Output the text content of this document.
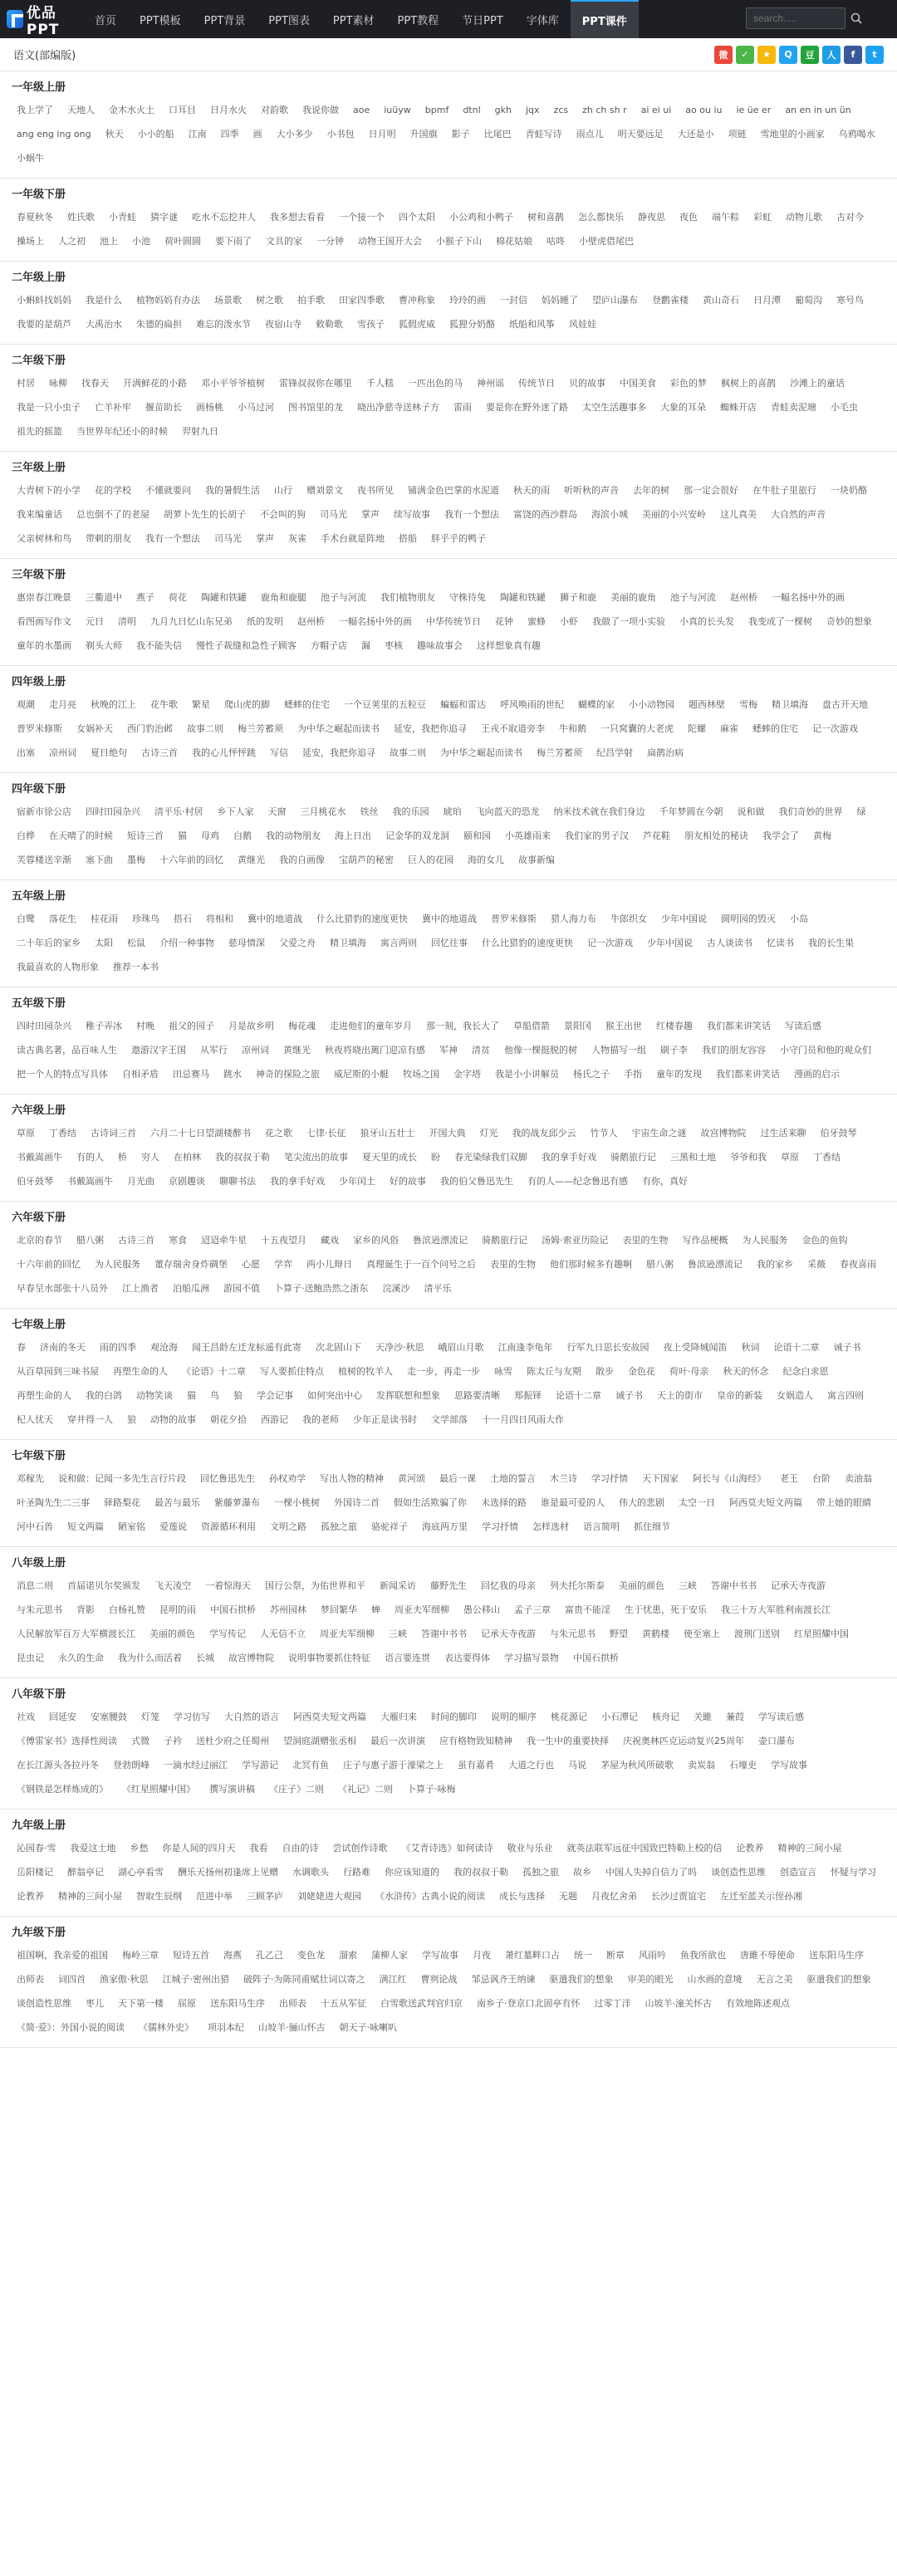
优品PPT
首页	PPT模板	PPT背景	PPT图表	PPT素材	PPT教程	节日PPT	字体库	PPT课件
search.....
语文(部编版)	微	✓	★	Q	豆	人	f	t
一年级上册
我上学了	天地人	金木水火土	口耳目	日月水火	对韵歌	我说你做	aoe	iuüyw	bpmf	dtnl	gkh	jqx	zcs	zh ch sh r	ai ei ui	ao ou iu	ie üe er	an en in un ün
ang eng ing ong	秋天	小小的船	江南	四季	画	大小多少	小书包	日月明	升国旗	影子	比尾巴	青蛙写诗	雨点儿	明天要远足	大还是小	项链	雪地里的小画家	乌鸦喝水
小蜗牛
一年级下册
春夏秋冬	姓氏歌	小青蛙	猜字谜	吃水不忘挖井人	我多想去看看	一个接一个	四个太阳	小公鸡和小鸭子	树和喜鹊	怎么都快乐	静夜思	夜色	端午粽	彩虹	动物儿歌	古对今
操场上	人之初	池上	小池	荷叶圆圆	要下雨了	文具的家	一分钟	动物王国开大会	小猴子下山	棉花姑娘	咕咚	小壁虎借尾巴
二年级上册
小蝌蚪找妈妈	我是什么	植物妈妈有办法	场景歌	树之歌	拍手歌	田家四季歌	曹冲称象	玲玲的画	一封信	妈妈睡了	望庐山瀑布	登鹳雀楼	黄山奇石	日月潭	葡萄沟	寒号鸟
我要的是葫芦	大禹治水	朱德的扁担	难忘的泼水节	夜宿山寺	敕勒歌	雪孩子	狐假虎威	狐狸分奶酪	纸船和风筝	风娃娃
二年级下册
村居	咏柳	找春天	开满鲜花的小路	邓小平爷爷植树	雷锋叔叔你在哪里	千人糕	一匹出色的马	神州谣	传统节日	贝的故事	中国美食	彩色的梦	枫树上的喜鹊	沙滩上的童话
我是一只小虫子	亡羊补牢	揠苗助长	画杨桃	小马过河	图书馆里的龙	晓出净慈寺送林子方	雷雨	要是你在野外迷了路	太空生活趣事多	大象的耳朵	蜘蛛开店	青蛙卖泥塘	小毛虫
祖先的摇篮	当世界年纪还小的时候	羿射九日
三年级上册
大青树下的小学	花的学校	不懂就要问	我的暑假生活	山行	赠刘景文	夜书所见	铺满金色巴掌的水泥道	秋天的雨	听听秋的声音	去年的树	那一定会很好	在牛肚子里旅行	一块奶酪
我来编童话	总也倒不了的老屋	胡萝卜先生的长胡子	不会叫的狗	司马光	掌声	续写故事	我有一个想法	富饶的西沙群岛	海滨小城	美丽的小兴安岭	这儿真美	大自然的声音
父亲树林和鸟	带刺的朋友	我有一个想法	司马光	掌声	灰雀	手术台就是阵地	搭船	胖乎乎的鸭子
三年级下册
惠崇春江晚景	三衢道中	燕子	荷花	陶罐和铁罐	鹿角和鹿腿	池子与河流	我们植物朋友	守株待兔	陶罐和铁罐	狮子和鹿	美丽的鹿角	池子与河流	赵州桥	一幅名扬中外的画
看图画写作文	元日	清明	九月九日忆山东兄弟	纸的发明	赵州桥	一幅名扬中外的画	中华传统节日	花钟	蜜蜂	小虾	我做了一项小实验	小真的长头发	我变成了一棵树	奇妙的想象
童年的水墨画	剃头大师	我不能失信	慢性子裁缝和急性子顾客	方帽子店	漏	枣核	趣味故事会	这样想象真有趣
四年级上册
观潮	走月亮	秋晚的江上	花牛歌	繁星	爬山虎的脚	蟋蟀的住宅	一个豆荚里的五粒豆	蝙蝠和雷达	呼风唤雨的世纪	蝴蝶的家	小小动物园	题西林壁	雪梅	精卫填海	盘古开天地
普罗米修斯	女娲补天	西门豹治邺	故事二则	梅兰芳蓄须	为中华之崛起而读书	延安，我把你追寻	王戎不取道旁李	牛和鹅	一只窝囊的大老虎	陀螺	麻雀	蟋蟀的住宅	记一次游戏
出塞	凉州词	夏日绝句	古诗三首	我的心儿怦怦跳	写信	延安，我把你追寻	故事二则	为中华之崛起而读书	梅兰芳蓄须	纪昌学射	扁鹊治病
四年级下册
宿新市徐公店	四时田园杂兴	清平乐·村居	乡下人家	天窗	三月桃花水	铁丝	我的乐园	琥珀	飞向蓝天的恐龙	纳米技术就在我们身边	千年梦圆在今朝	说和做	我们奇妙的世界	绿
白桦	在天晴了的时候	短诗三首	猫	母鸡	白鹅	我的动物朋友	海上日出	记金华的双龙洞	颐和园	小英雄雨来	我们家的男子汉	芦花鞋	朋友相处的秘诀	我学会了	黄梅
芙蓉楼送辛渐	塞下曲	墨梅	十六年前的回忆	黄继光	我的自画像	宝葫芦的秘密	巨人的花园	海的女儿	故事新编
五年级上册
白鹭	落花生	桂花雨	珍珠鸟	搭石	将相和	冀中的地道战	什么比猎豹的速度更快	冀中的地道战	普罗米修斯	猎人海力布	牛郎织女	少年中国说	圆明园的毁灭	小岛
二十年后的家乡	太阳	松鼠	介绍一种事物	慈母情深	父爱之舟	精卫填海	寓言两则	回忆往事	什么比猎豹的速度更快	记一次游戏	少年中国说	古人谈读书	忆读书	我的长生果
我最喜欢的人物形象	推荐一本书
五年级下册
四时田园杂兴	稚子弄冰	村晚	祖父的园子	月是故乡明	梅花魂	走进他们的童年岁月	那一刻，我长大了	草船借箭	景阳冈	猴王出世	红楼春趣	我们都来讲笑话	写读后感
读古典名著，品百味人生	遨游汉字王国	从军行	凉州词	黄继光	秋夜将晓出篱门迎凉有感	军神	清贫	他像一棵挺脱的树	人物描写一组	刷子李	我们的朋友容容	小守门员和他的观众们
把一个人的特点写具体	自相矛盾	田忌赛马	跳水	神奇的探险之旅	威尼斯的小艇	牧场之国	金字塔	我是小小讲解员	杨氏之子	手指	童年的发现	我们都来讲笑话	漫画的启示
六年级上册
草原	丁香结	古诗词三首	六月二十七日望湖楼醉书	花之歌	七律·长征	狼牙山五壮士	开国大典	灯光	我的战友邱少云	竹节人	宇宙生命之谜	故宫博物院	过生活来聊	伯牙鼓琴
书戴嵩画牛	有的人	桥	穷人	在柏林	我的叔叔于勒	笔尖流出的故事	夏天里的成长	盼	春光染绿我们双脚	我的拿手好戏	骑鹅旅行记	三黑和土地	爷爷和我	草原	丁香结
伯牙鼓琴	书戴嵩画牛	月光曲	京剧趣谈	聊聊书法	我的拿手好戏	少年闰土	好的故事	我的伯父鲁迅先生	有的人——纪念鲁迅有感	有你，真好
六年级下册
北京的春节	腊八粥	古诗三首	寒食	迢迢牵牛星	十五夜望月	藏戏	家乡的风俗	鲁滨逊漂流记	骑鹅旅行记	汤姆·索亚历险记	表里的生物	写作品梗概	为人民服务	金色的鱼钩
十六年前的回忆	为人民服务	董存瑞舍身炸碉堡	心愿	学弈	两小儿辩日	真理诞生于一百个问号之后	表里的生物	他们那时候多有趣啊	腊八粥	鲁滨逊漂流记	我的家乡	采薇	春夜喜雨
早春呈水部张十八员外	江上渔者	泊船瓜洲	游园不值	卜算子·送鲍浩然之浙东	浣溪沙	清平乐
七年级上册
春	济南的冬天	雨的四季	观沧海	闻王昌龄左迁龙标遥有此寄	次北固山下	天净沙·秋思	峨眉山月歌	江南逢李龟年	行军九日思长安故园	夜上受降城闻笛	秋词	论语十二章	诫子书
从百草园到三味书屋	再塑生命的人	《论语》十二章	写人要抓住特点	植树的牧羊人	走一步，再走一步	咏雪	陈太丘与友期	散步	金色花	荷叶·母亲	秋天的怀念	纪念白求恩
再塑生命的人	我的白鸽	动物笑谈	猫	鸟	狼	学会记事	如何突出中心	发挥联想和想象	思路要清晰	郑振铎	论语十二章	诫子书	天上的街市	皇帝的新装	女娲造人	寓言四则
杞人忧天	穿井得一人	狼	动物的故事	朝花夕拾	西游记	我的老师	少年正是读书时	文学部落	十一月四日风雨大作
七年级下册
邓稼先	说和做：记闻一多先生言行片段	回忆鲁迅先生	孙权劝学	写出人物的精神	黄河颂	最后一课	土地的誓言	木兰诗	学习抒情	天下国家	阿长与《山海经》	老王	台阶	卖油翁
叶圣陶先生二三事	驿路梨花	最苦与最乐	紫藤萝瀑布	一棵小桃树	外国诗二首	假如生活欺骗了你	未选择的路	谁是最可爱的人	伟大的悲剧	太空一日	阿西莫夫短文两篇	带上她的眼睛
河中石兽	短文两篇	陋室铭	爱莲说	资源循环利用	文明之路	孤独之旅	骆驼祥子	海底两万里	学习抒情	怎样选材	语言简明	抓住细节
八年级上册
消息二则	首届诺贝尔奖颁发	飞天凌空	一着惊海天	国行公祭，为佑世界和平	新闻采访	藤野先生	回忆我的母亲	列夫托尔斯泰	美丽的颜色	三峡	答谢中书书	记承天寺夜游
与朱元思书	背影	白杨礼赞	昆明的雨	中国石拱桥	苏州园林	梦回繁华	蝉	周亚夫军细柳	愚公移山	孟子三章	富贵不能淫	生于忧患，死于安乐	我三十万大军胜利南渡长江
人民解放军百万大军横渡长江	美丽的颜色	学写传记	人无信不立	周亚夫军细柳	三峡	答谢中书书	记承天寺夜游	与朱元思书	野望	黄鹤楼	使至塞上	渡荆门送别	红星照耀中国
昆虫记	永久的生命	我为什么而活着	长城	故宫博物院	说明事物要抓住特征	语言要连贯	表达要得体	学习描写景物	中国石拱桥
八年级下册
社戏	回延安	安塞腰鼓	灯笼	学习仿写	大自然的语言	阿西莫夫短文两篇	大雁归来	时间的脚印	说明的顺序	桃花源记	小石潭记	核舟记	关雎	蒹葭	学写读后感
《傅雷家书》选择性阅读	式微	子衿	送杜少府之任蜀州	望洞庭湖赠张丞相	最后一次讲演	应有格物致知精神	我一生中的重要抉择	庆祝奥林匹克运动复兴25周年	壶口瀑布
在长江源头各拉丹冬	登勃朗峰	一滴水经过丽江	学写游记	北冥有鱼	庄子与惠子游于濠梁之上	虽有嘉肴	大道之行也	马说	茅屋为秋风所破歌	卖炭翁	石壕吏	学写故事
《钢铁是怎样炼成的》	《红星照耀中国》	撰写演讲稿	《庄子》二则	《礼记》二则	卜算子·咏梅
九年级上册
沁园春·雪	我爱这土地	乡愁	你是人间的四月天	我看	自由的诗	尝试创作诗歌	《艾青诗选》如何读诗	敬业与乐业	就英法联军远征中国致巴特勒上校的信	论教养	精神的三间小屋
岳阳楼记	醉翁亭记	湖心亭看雪	酬乐天扬州初逢席上见赠	水调歌头	行路难	你应该知道的	我的叔叔于勒	孤独之旅	故乡	中国人失掉自信力了吗	谈创造性思维	创造宣言	怀疑与学习
论教养	精神的三间小屋	智取生辰纲	范进中举	三顾茅庐	刘姥姥进大观园	《水浒传》古典小说的阅读	成长与选择	无题	月夜忆舍弟	长沙过贾谊宅	左迁至蓝关示侄孙湘
九年级下册
祖国啊，我亲爱的祖国	梅岭三章	短诗五首	海燕	孔乙己	变色龙	溜索	蒲柳人家	学写故事	月夜	萧红墓畔口占	统一	断章	风雨吟	鱼我所欲也	唐雎不辱使命	送东阳马生序
出师表	词四首	渔家傲·秋思	江城子·密州出猎	破阵子·为陈同甫赋壮词以寄之	满江红	曹刿论战	邹忌讽齐王纳谏	驱遣我们的想象	审美的眼光	山水画的意境	无言之美	驱遣我们的想象
谈创造性思维	枣儿	天下第一楼	屈原	送东阳马生序	出师表	十五从军征	白雪歌送武判官归京	南乡子·登京口北固亭有怀	过零丁洋	山坡羊·潼关怀古	有效地陈述观点
《简·爱》：外国小说的阅读	《儒林外史》	项羽本纪	山坡羊·骊山怀古	朝天子·咏喇叭
